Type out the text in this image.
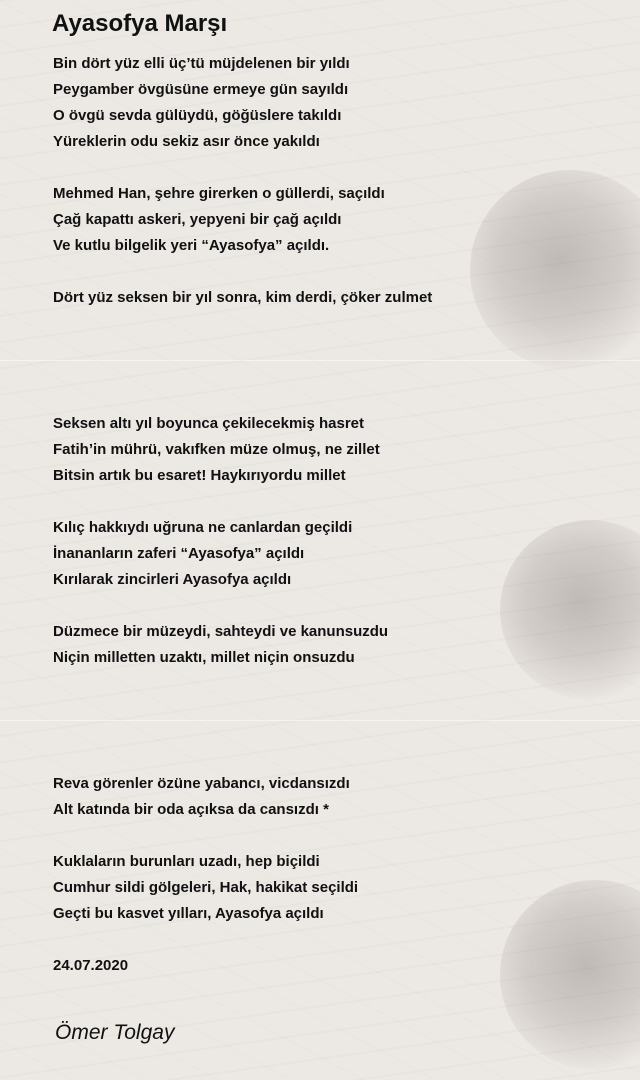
Ayasofya Marşı
Bin dört yüz elli üç’tü müjdelenen bir yıldı
Peygamber övgüsüne ermeye gün sayıldı
O övgü sevda gülüydü, göğüslere takıldı
Yüreklerin odu sekiz asır önce yakıldı
Mehmed Han, şehre girerken o güllerdi, saçıldı
Çağ kapattı askeri, yepyeni bir çağ açıldı
Ve kutlu bilgelik yeri “Ayasofya” açıldı.
Dört yüz seksen bir yıl sonra, kim derdi, çöker zulmet
Seksen altı yıl boyunca çekilecekmiş hasret
Fatih’in mührü, vakıfken müze olmuş, ne zillet
Bitsin artık bu esaret! Haykırıyordu millet
Kılıç hakkıydı uğruna ne canlardan geçildi
İnananların zaferi “Ayasofya” açıldı
Kırılarak zincirleri Ayasofya açıldı
Düzmece bir müzeydi, sahteydi ve kanunsuzdu
Niçin milletten uzaktı, millet niçin onsuzdu
Reva görenler özüne yabancı, vicdansızdı
Alt katında bir oda açıksa da cansızdı *
Kuklaların burunları uzadı, hep biçildi
Cumhur sildi gölgeleri, Hak, hakikat seçildi
Geçti bu kasvet yılları, Ayasofya açıldı
24.07.2020
Ömer Tolgay
